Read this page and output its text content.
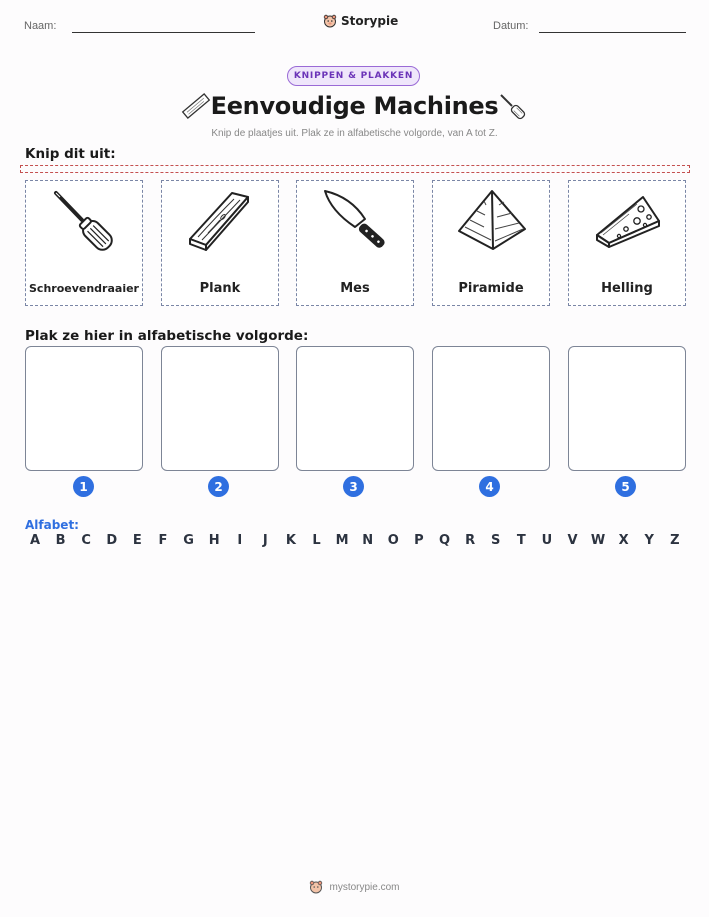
Naam:	Storypie	Datum:
KNIPPEN & PLAKKEN
Eenvoudige Machines
Knip de plaatjes uit. Plak ze in alfabetische volgorde, van A tot Z.
Knip dit uit:
Schroevendraaier	Plank	Mes	Piramide	Helling
Plak ze hier in alfabetische volgorde:
1	2	3	4	5
Alfabet:
A	B	C	D	E	F	G	H	I	J	K	L	M	N	O	P	Q	R	S	T	U	V	W	X	Y	Z
mystorypie.com
